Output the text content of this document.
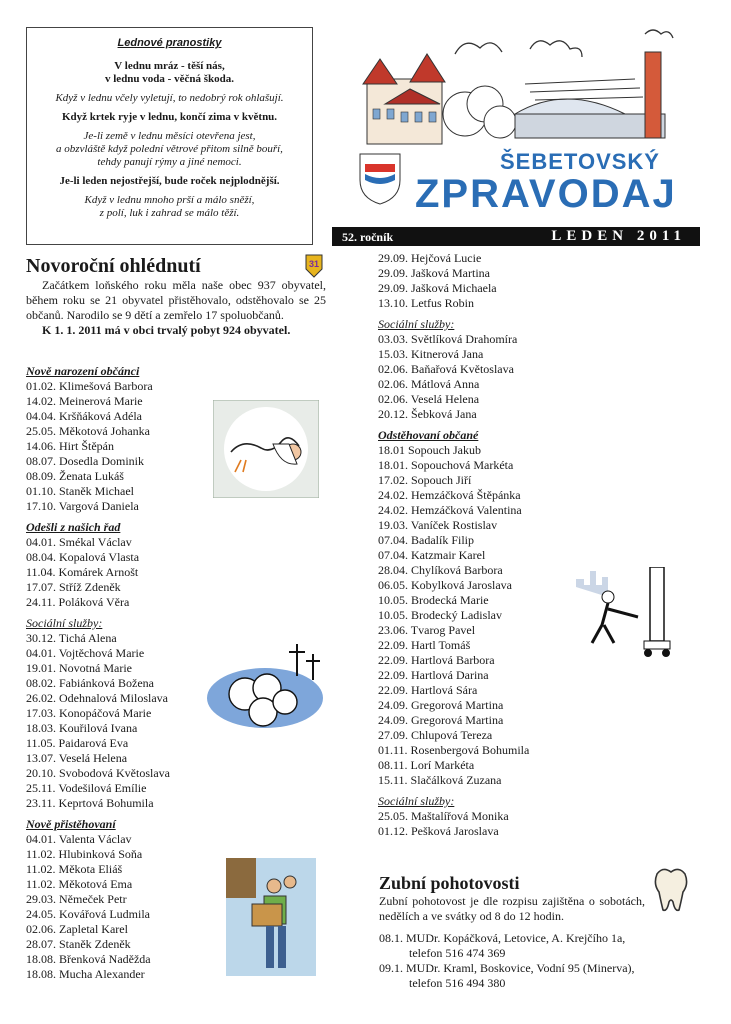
Lednové pranostiky

V lednu mráz - těší nás,
v lednu voda - věčná škoda.

Když v lednu včely vyletují, to nedobrý rok ohlašují.

Když krtek ryje v lednu, končí zima v květnu.

Je-li země v lednu měsíci otevřena jest,
a obzvláště když polední větrové přitom silně bouří,
tehdy panují rýmy a jiné nemoci.

Je-li leden nejostřejší, bude roček nejplodnější.

Když v lednu mnoho prší a málo sněží,
z polí, luk i zahrad se málo těží.

ŠEBETOVSKÝ
ZPRAVODAJ
52. ročník	LEDEN 2011
Novoroční ohlédnutí
Začátkem loňského roku měla naše obec 937 obyvatel, během roku se 21 obyvatel přistěhovalo, odstěhovalo se 25 občanů. Narodilo se 9 dětí a zemřelo 17 spoluobčanů.
K 1. 1. 2011 má v obci trvalý pobyt 924 obyvatel.
31
Nově narození občánci
01.02. Klimešová Barbora
14.02. Meinerová Marie
04.04. Kršňáková Adéla
25.05. Měkotová Johanka
14.06. Hirt Štěpán
08.07. Dosedla Dominik
08.09. Ženata Lukáš
01.10. Staněk Michael
17.10. Vargová Daniela
Odešli z našich řad
04.01. Smékal Václav
08.04. Kopalová Vlasta
11.04. Komárek Arnošt
17.07. Stříž Zdeněk
24.11. Poláková Věra
Sociální služby:
30.12. Tichá Alena
04.01. Vojtěchová Marie
19.01. Novotná Marie
08.02. Fabiánková Božena
26.02. Odehnalová Miloslava
17.03. Konopáčová Marie
18.03. Kouřilová Ivana
11.05. Paidarová Eva
13.07. Veselá Helena
20.10. Svobodová Květoslava
25.11. Vodešilová Emílie
23.11. Keprtová Bohumila
Nově přistěhovaní
04.01. Valenta Václav
11.02. Hlubinková Soňa
11.02. Měkota Eliáš
11.02. Měkotová Ema
29.03. Němeček Petr
24.05. Kovářová Ludmila
02.06. Zapletal Karel
28.07. Staněk Zdeněk
18.08. Břenková Naděžda
18.08. Mucha Alexander
29.09. Hejčová Lucie
29.09. Jašková Martina
29.09. Jašková Michaela
13.10. Letfus Robin
Sociální služby:
03.03. Světlíková Drahomíra
15.03. Kitnerová Jana
02.06. Baňařová Květoslava
02.06. Mátlová Anna
02.06. Veselá Helena
20.12. Šebková Jana
Odstěhovaní občané
18.01 Sopouch Jakub
18.01. Sopouchová Markéta
17.02. Sopouch Jiří
24.02. Hemzáčková Štěpánka
24.02. Hemzáčková Valentina
19.03. Vaníček Rostislav
07.04. Badalík Filip
07.04. Katzmair Karel
28.04. Chylíková Barbora
06.05. Kobylková Jaroslava
10.05. Brodecká Marie
10.05. Brodecký Ladislav
23.06. Tvarog Pavel
22.09. Hartl Tomáš
22.09. Hartlová Barbora
22.09. Hartlová Darina
22.09. Hartlová Sára
24.09. Gregorová Martina
24.09. Gregorová Martina
27.09. Chlupová Tereza
01.11. Rosenbergová Bohumila
08.11. Lorí Markéta
15.11. Slačálková Zuzana
Sociální služby:
25.05. Maštalířová Monika
01.12. Pešková Jaroslava
Zubní pohotovosti
Zubní pohotovost je dle rozpisu zajištěna o sobotách, nedělích a ve svátky od 8 do 12 hodin.
08.1. MUDr. Kopáčková, Letovice, A. Krejčího 1a,
telefon 516 474 369
09.1. MUDr. Kraml, Boskovice, Vodní 95 (Minerva),
telefon 516 494 380
